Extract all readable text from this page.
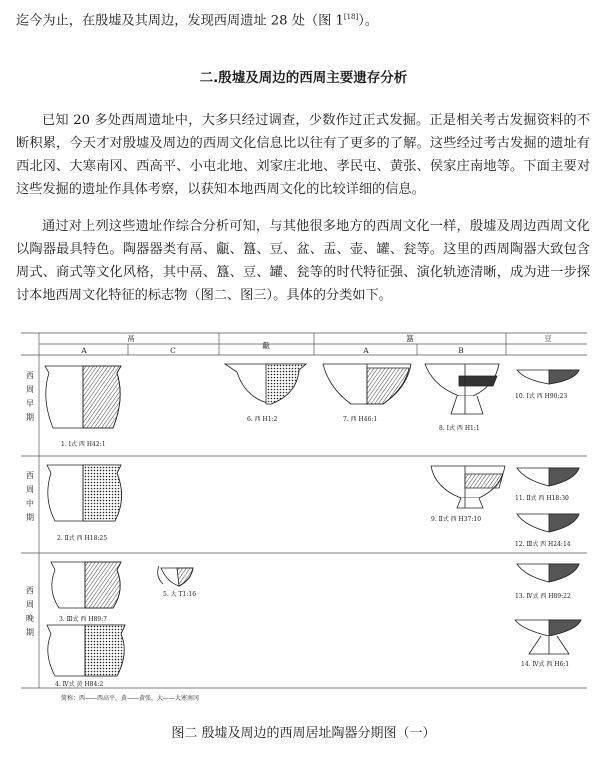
迄今为止，在殷墟及其周边，发现西周遗址 28 处（图 1[18]）。

二.殷墟及周边的西周主要遗存分析

已知 20 多处西周遗址中，大多只经过调查，少数作过正式发掘。正是相关考古发掘资料的不断积累，今天才对殷墟及周边的西周文化信息比以往有了更多的了解。这些经过考古发掘的遗址有西北冈、大寒南冈、西高平、小屯北地、刘家庄北地、孝民屯、黄张、侯家庄南地等。下面主要对这些发掘的遗址作具体考察，以获知本地西周文化的比较详细的信息。

通过对上列这些遗址作综合分析可知，与其他很多地方的西周文化一样，殷墟及周边西周文化以陶器最具特色。陶器器类有鬲、甗、簋、豆、盆、盂、壶、罐、瓮等。这里的西周陶器大致包含周式、商式等文化风格，其中鬲、簋、豆、罐、瓮等的时代特征强、演化轨迹清晰，成为进一步探讨本地西周文化特征的标志物（图二、图三）。具体的分类如下。

鬲
A	C
甗
簋
A	B
豆
西周早期
西周中期
西周晚期
1. Ⅰ式 西 H42:1
2. Ⅱ式 西 H18:25
3. Ⅲ式 西 H89:7
4. Ⅳ式 黄 H84:2
5. 大 T1:16
6. 西 H1:2	7. 西 H46:1
8. Ⅰ式 西 H1:1
9. Ⅱ式 西 H37:10
10. Ⅰ式 西 H90:23
11. Ⅱ式 西 H18:30
12. Ⅲ式 西 H24:14
13. Ⅳ式 西 H89:22
14. Ⅳ式 西 H6:1
简称：西——西高平，黄——黄张，大——大寒南冈
图二 殷墟及周边的西周居址陶器分期图（一）
